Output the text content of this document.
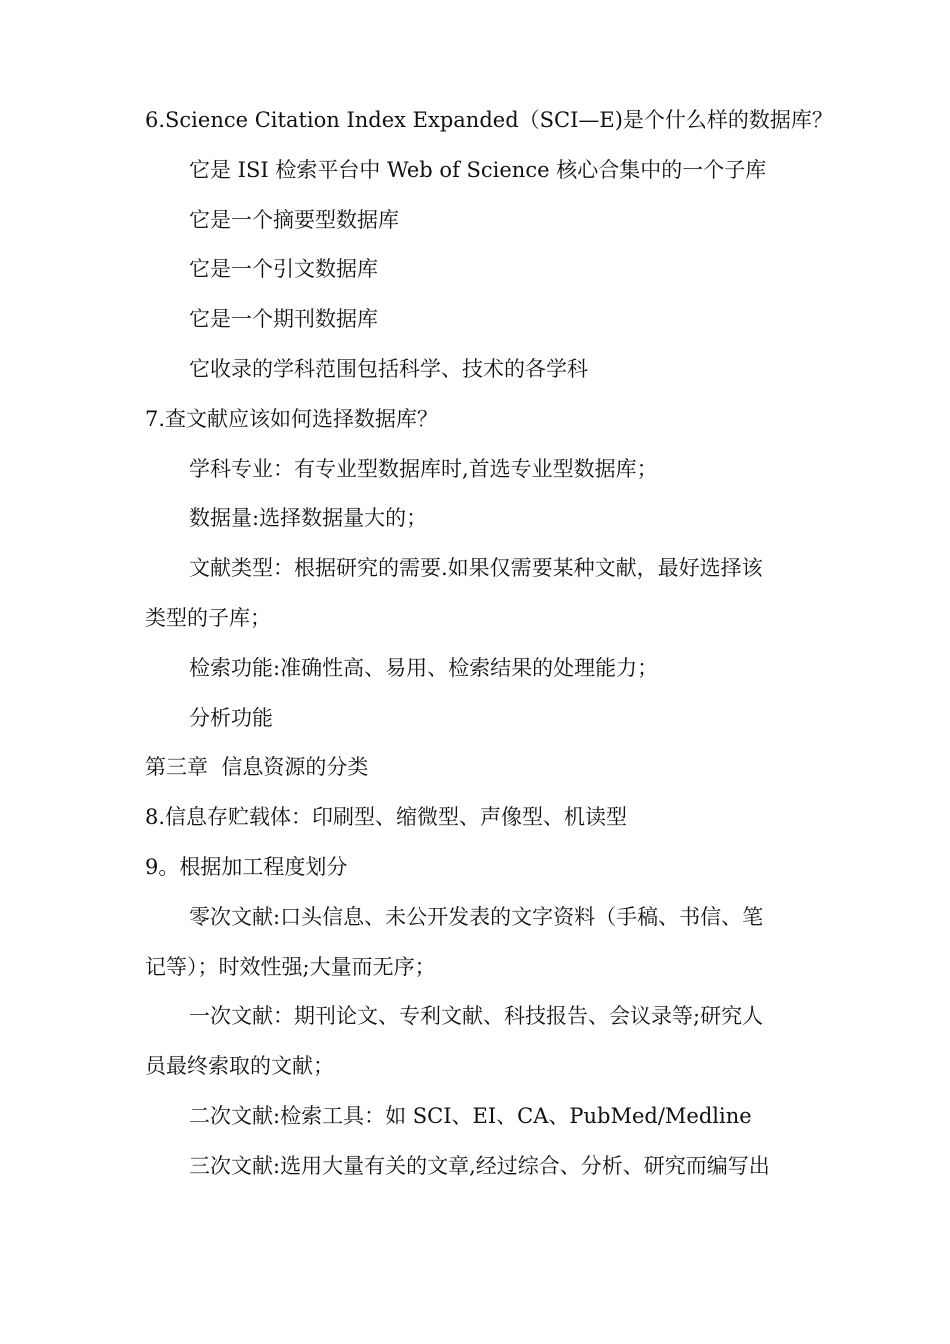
6.Science Citation Index Expanded（SCI—E)是个什么样的数据库？

它是 ISI 检索平台中 Web of Science 核心合集中的一个子库

它是一个摘要型数据库

它是一个引文数据库

它是一个期刊数据库

它收录的学科范围包括科学、技术的各学科

7.查文献应该如何选择数据库？

学科专业：有专业型数据库时,首选专业型数据库；

数据量:选择数据量大的；

文献类型：根据研究的需要.如果仅需要某种文献，最好选择该

类型的子库；

检索功能:准确性高、易用、检索结果的处理能力；

分析功能

第三章  信息资源的分类

8.信息存贮载体：印刷型、缩微型、声像型、机读型

9。根据加工程度划分

零次文献:口头信息、未公开发表的文字资料（手稿、书信、笔

记等）；时效性强;大量而无序；

一次文献：期刊论文、专利文献、科技报告、会议录等;研究人

员最终索取的文献；

二次文献:检索工具：如 SCI、EI、CA、PubMed/Medline

三次文献:选用大量有关的文章,经过综合、分析、研究而编写出
